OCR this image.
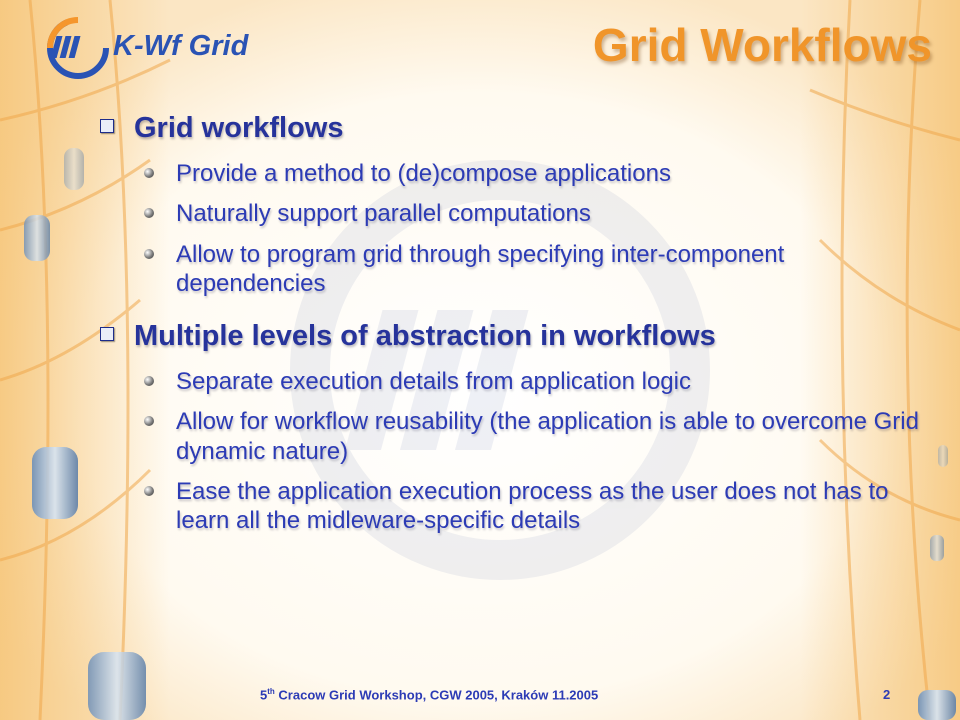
K-Wf Grid	Grid Workflows
Grid workflows
Provide a method to (de)compose applications
Naturally support parallel computations
Allow to program grid through specifying inter-component dependencies
Multiple levels of abstraction in workflows
Separate execution details from application logic
Allow for workflow reusability (the application is able to overcome Grid dynamic nature)
Ease the application execution process as the user does not has to learn all the midleware-specific details
5th Cracow Grid Workshop, CGW 2005, Kraków 11.2005	2
